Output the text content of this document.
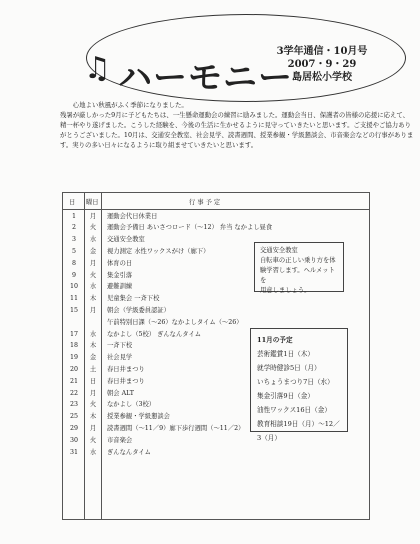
♫ ハーモニー
3学年通信・10月号
2007・9・29
島居松小学校

心地よい秋風がふく季節になりました。

残暑が厳しかった9月に子どもたちは、一生懸命運動会の練習に励みました。運動会当日、保護者の皆様の応援に応えて、精一杯やり遂げました。こうした経験を、今後の生活に生かせるように見守っていきたいと思います。ご支援やご協力ありがとうございました。10月は、交通安全教室、社会見学、読書週間、授業参観・学級懇談会、市音楽会などの行事があります。実りの多い日々になるように取り組ませていきたいと思います。

日 曜日	行 事 予 定
1	月	運動会代日休業日
2	火	運動会予備日 あいさつロード（～12） 弁当 なかよし昼食
3	水	交通安全教室
5	金	視力測定 水性ワックスがけ（廊下）
8	月	体育の日
9	火	集金引落
10	水	避難訓練
11	木	児童集会 一斉下校
15	月	朝会（学級委員認証）
午前特別日課（～26）なかよしタイム（～26）
17	水	なかよし（5校） ぎんなんタイム
18	木	一斉下校
19	金	社会見学
20	土	春日井まつり
21	日	春日井まつり
22	月	朝会 ALT
23	火	なかよし（3校）
25	木	授業参観・学級懇談会
29	月	読書週間（～11／9）廊下歩行週間（～11／2）
30	火	市音楽会
31	水	ぎんなんタイム
交通安全教室
自転車の正しい乗り方を体
験学習します。ヘルメットを
用意しましょう。
11月の予定
芸術鑑賞1日（木）
就学時健診5日（月）
いちょうまつり7日（水）
集金引落9日（金）
油性ワックス16日（金）
教育相談19日（月）～12／3（月）
